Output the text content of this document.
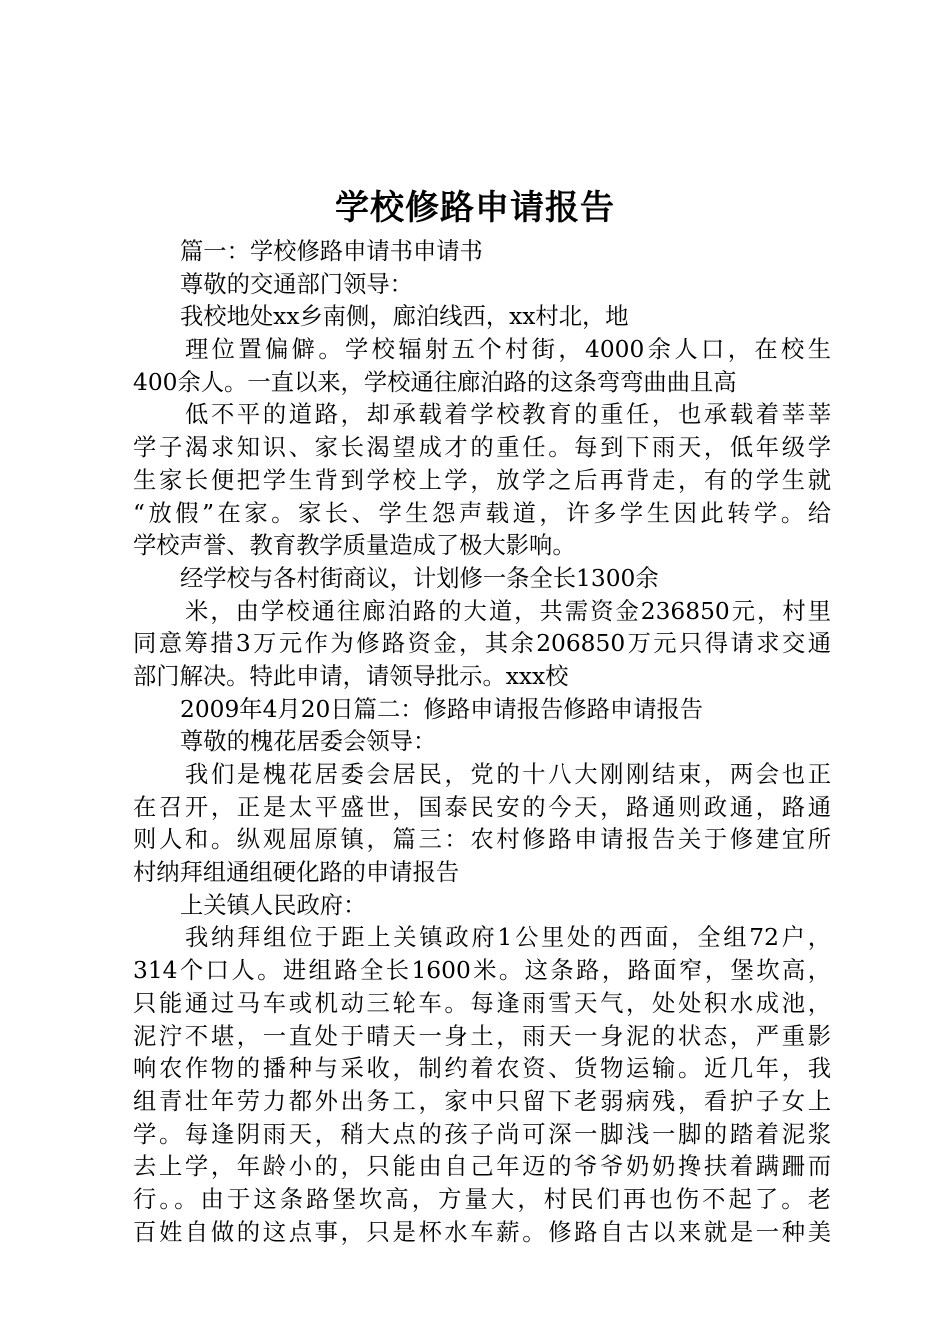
学校修路申请报告
篇一：学校修路申请书申请书
尊敬的交通部门领导：
我校地处xx乡南侧，廊泊线西，xx村北，地
理位置偏僻。学校辐射五个村街，4000余人口，在校生
400余人。一直以来，学校通往廊泊路的这条弯弯曲曲且高
低不平的道路，却承载着学校教育的重任，也承载着莘莘
学子渴求知识、家长渴望成才的重任。每到下雨天，低年级学
生家长便把学生背到学校上学，放学之后再背走，有的学生就
“放假”在家。家长、学生怨声载道，许多学生因此转学。给
学校声誉、教育教学质量造成了极大影响。
经学校与各村街商议，计划修一条全长1300余
米，由学校通往廊泊路的大道，共需资金236850元，村里
同意筹措3万元作为修路资金，其余206850万元只得请求交通
部门解决。特此申请，请领导批示。xxx校
2009年4月20日篇二：修路申请报告修路申请报告
尊敬的槐花居委会领导：
我们是槐花居委会居民，党的十八大刚刚结束，两会也正
在召开，正是太平盛世，国泰民安的今天，路通则政通，路通
则人和。纵观屈原镇，篇三：农村修路申请报告关于修建宜所
村纳拜组通组硬化路的申请报告
上关镇人民政府：
我纳拜组位于距上关镇政府1公里处的西面，全组72户，
314个口人。进组路全长1600米。这条路，路面窄，堡坎高，
只能通过马车或机动三轮车。每逢雨雪天气，处处积水成池，
泥泞不堪，一直处于晴天一身土，雨天一身泥的状态，严重影
响农作物的播种与采收，制约着农资、货物运输。近几年，我
组青壮年劳力都外出务工，家中只留下老弱病残，看护子女上
学。每逢阴雨天，稍大点的孩子尚可深一脚浅一脚的踏着泥浆
去上学，年龄小的，只能由自己年迈的爷爷奶奶搀扶着蹒跚而
行。。由于这条路堡坎高，方量大，村民们再也伤不起了。老
百姓自做的这点事，只是杯水车薪。修路自古以来就是一种美
